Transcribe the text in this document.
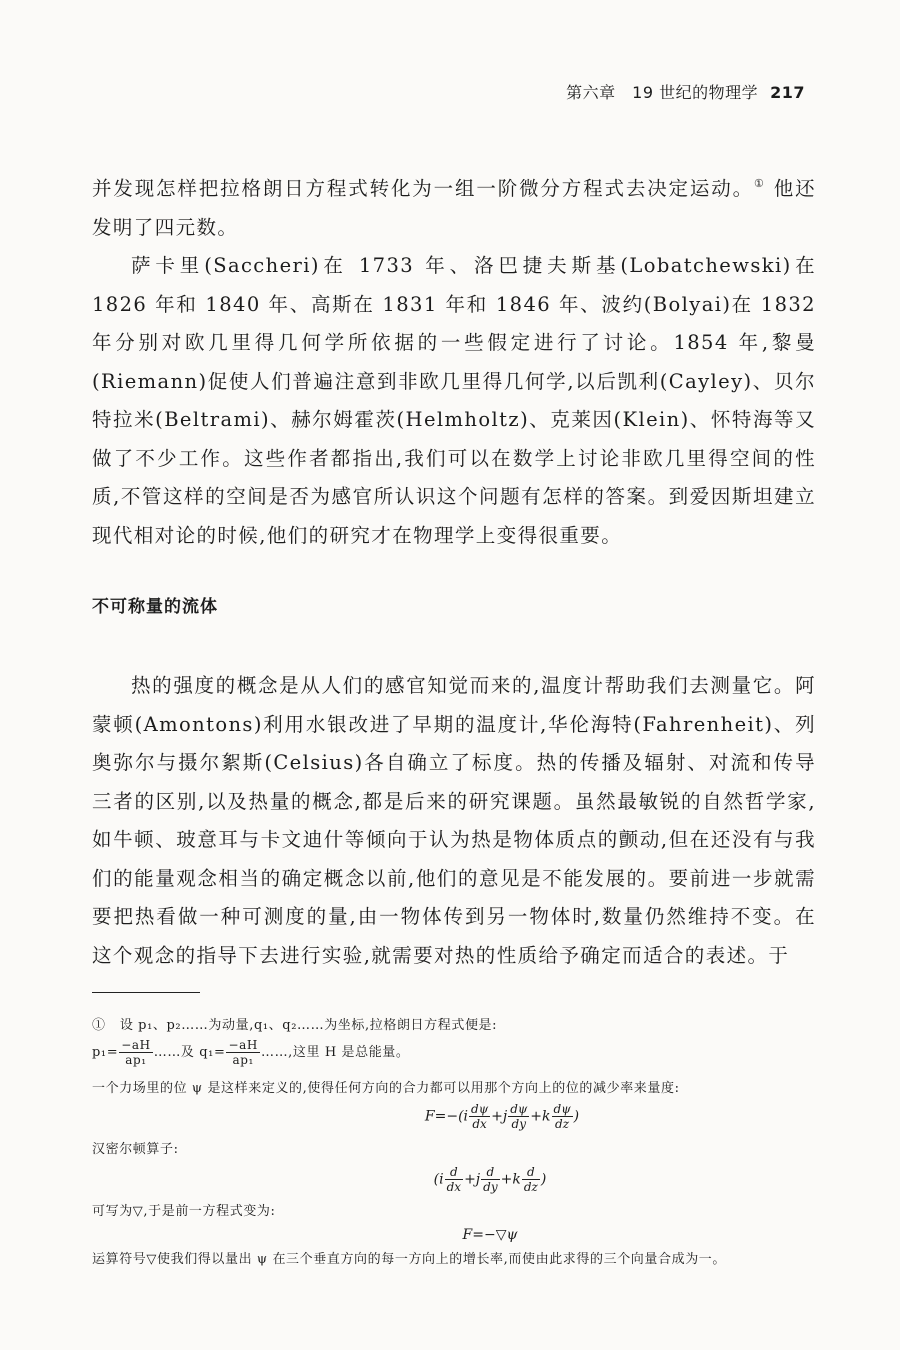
第六章　19 世纪的物理学 217
并发现怎样把拉格朗日方程式转化为一组一阶微分方程式去决定运动。① 他还发明了四元数。
萨卡里(Saccheri)在 1733 年、洛巴捷夫斯基(Lobatchewski)在 1826 年和 1840 年、高斯在 1831 年和 1846 年、波约(Bolyai)在 1832 年分别对欧几里得几何学所依据的一些假定进行了讨论。1854 年,黎曼(Riemann)促使人们普遍注意到非欧几里得几何学,以后凯利(Cayley)、贝尔特拉米(Beltrami)、赫尔姆霍茨(Helmholtz)、克莱因(Klein)、怀特海等又做了不少工作。这些作者都指出,我们可以在数学上讨论非欧几里得空间的性质,不管这样的空间是否为感官所认识这个问题有怎样的答案。到爱因斯坦建立现代相对论的时候,他们的研究才在物理学上变得很重要。
不可称量的流体
热的强度的概念是从人们的感官知觉而来的,温度计帮助我们去测量它。阿蒙顿(Amontons)利用水银改进了早期的温度计,华伦海特(Fahrenheit)、列奥弥尔与摄尔絮斯(Celsius)各自确立了标度。热的传播及辐射、对流和传导三者的区别,以及热量的概念,都是后来的研究课题。虽然最敏锐的自然哲学家,如牛顿、玻意耳与卡文迪什等倾向于认为热是物体质点的颤动,但在还没有与我们的能量观念相当的确定概念以前,他们的意见是不能发展的。要前进一步就需要把热看做一种可测度的量,由一物体传到另一物体时,数量仍然维持不变。在这个观念的指导下去进行实验,就需要对热的性质给予确定而适合的表述。于
① 设 p₁、p₂……为动量,q₁、q₂……为坐标,拉格朗日方程式便是:
$p_1= \frac{-aH}{\text{ap₁}}$ ……及 $q_1= \frac{-aH}{\text{ap₁}}$ ……,这里 H 是总能量。
一个力场里的位 ψ 是这样来定义的,使得任何方向的合力都可以用那个方向上的位的减少率来量度:
$F=-(i \frac{d\psi}{dx} +j \frac{d\psi}{dy} +k \frac{d\psi}{dz}$ )
汉密尔顿算子:
($i \frac{d}{dx} +j \frac{d}{dy} +k \frac{d}{dz}$ )
可写为▽,于是前一方程式变为:
F=−▽ψ
运算符号▽使我们得以量出 ψ 在三个垂直方向的每一方向上的增长率,而使由此求得的三个向量合成为一。
